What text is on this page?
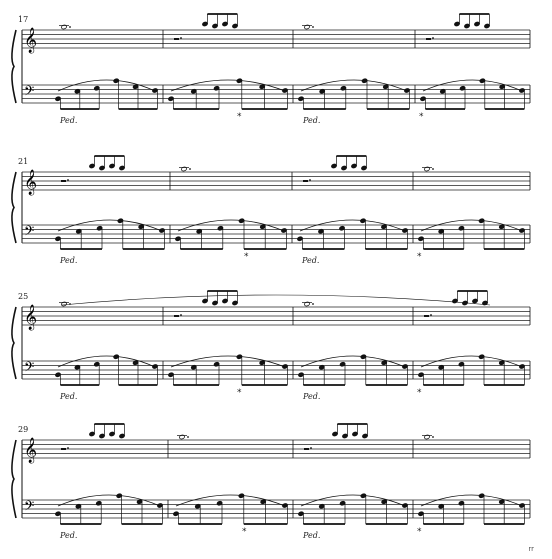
𝄞
𝄢
17
Ped.	*	Ped.	*
𝄞
𝄢
21
Ped.	*	Ped.	*
𝄞
𝄢
25
Ped.	*	Ped.	*
𝄞
𝄢
29
Ped.	*	Ped.	*
rr
